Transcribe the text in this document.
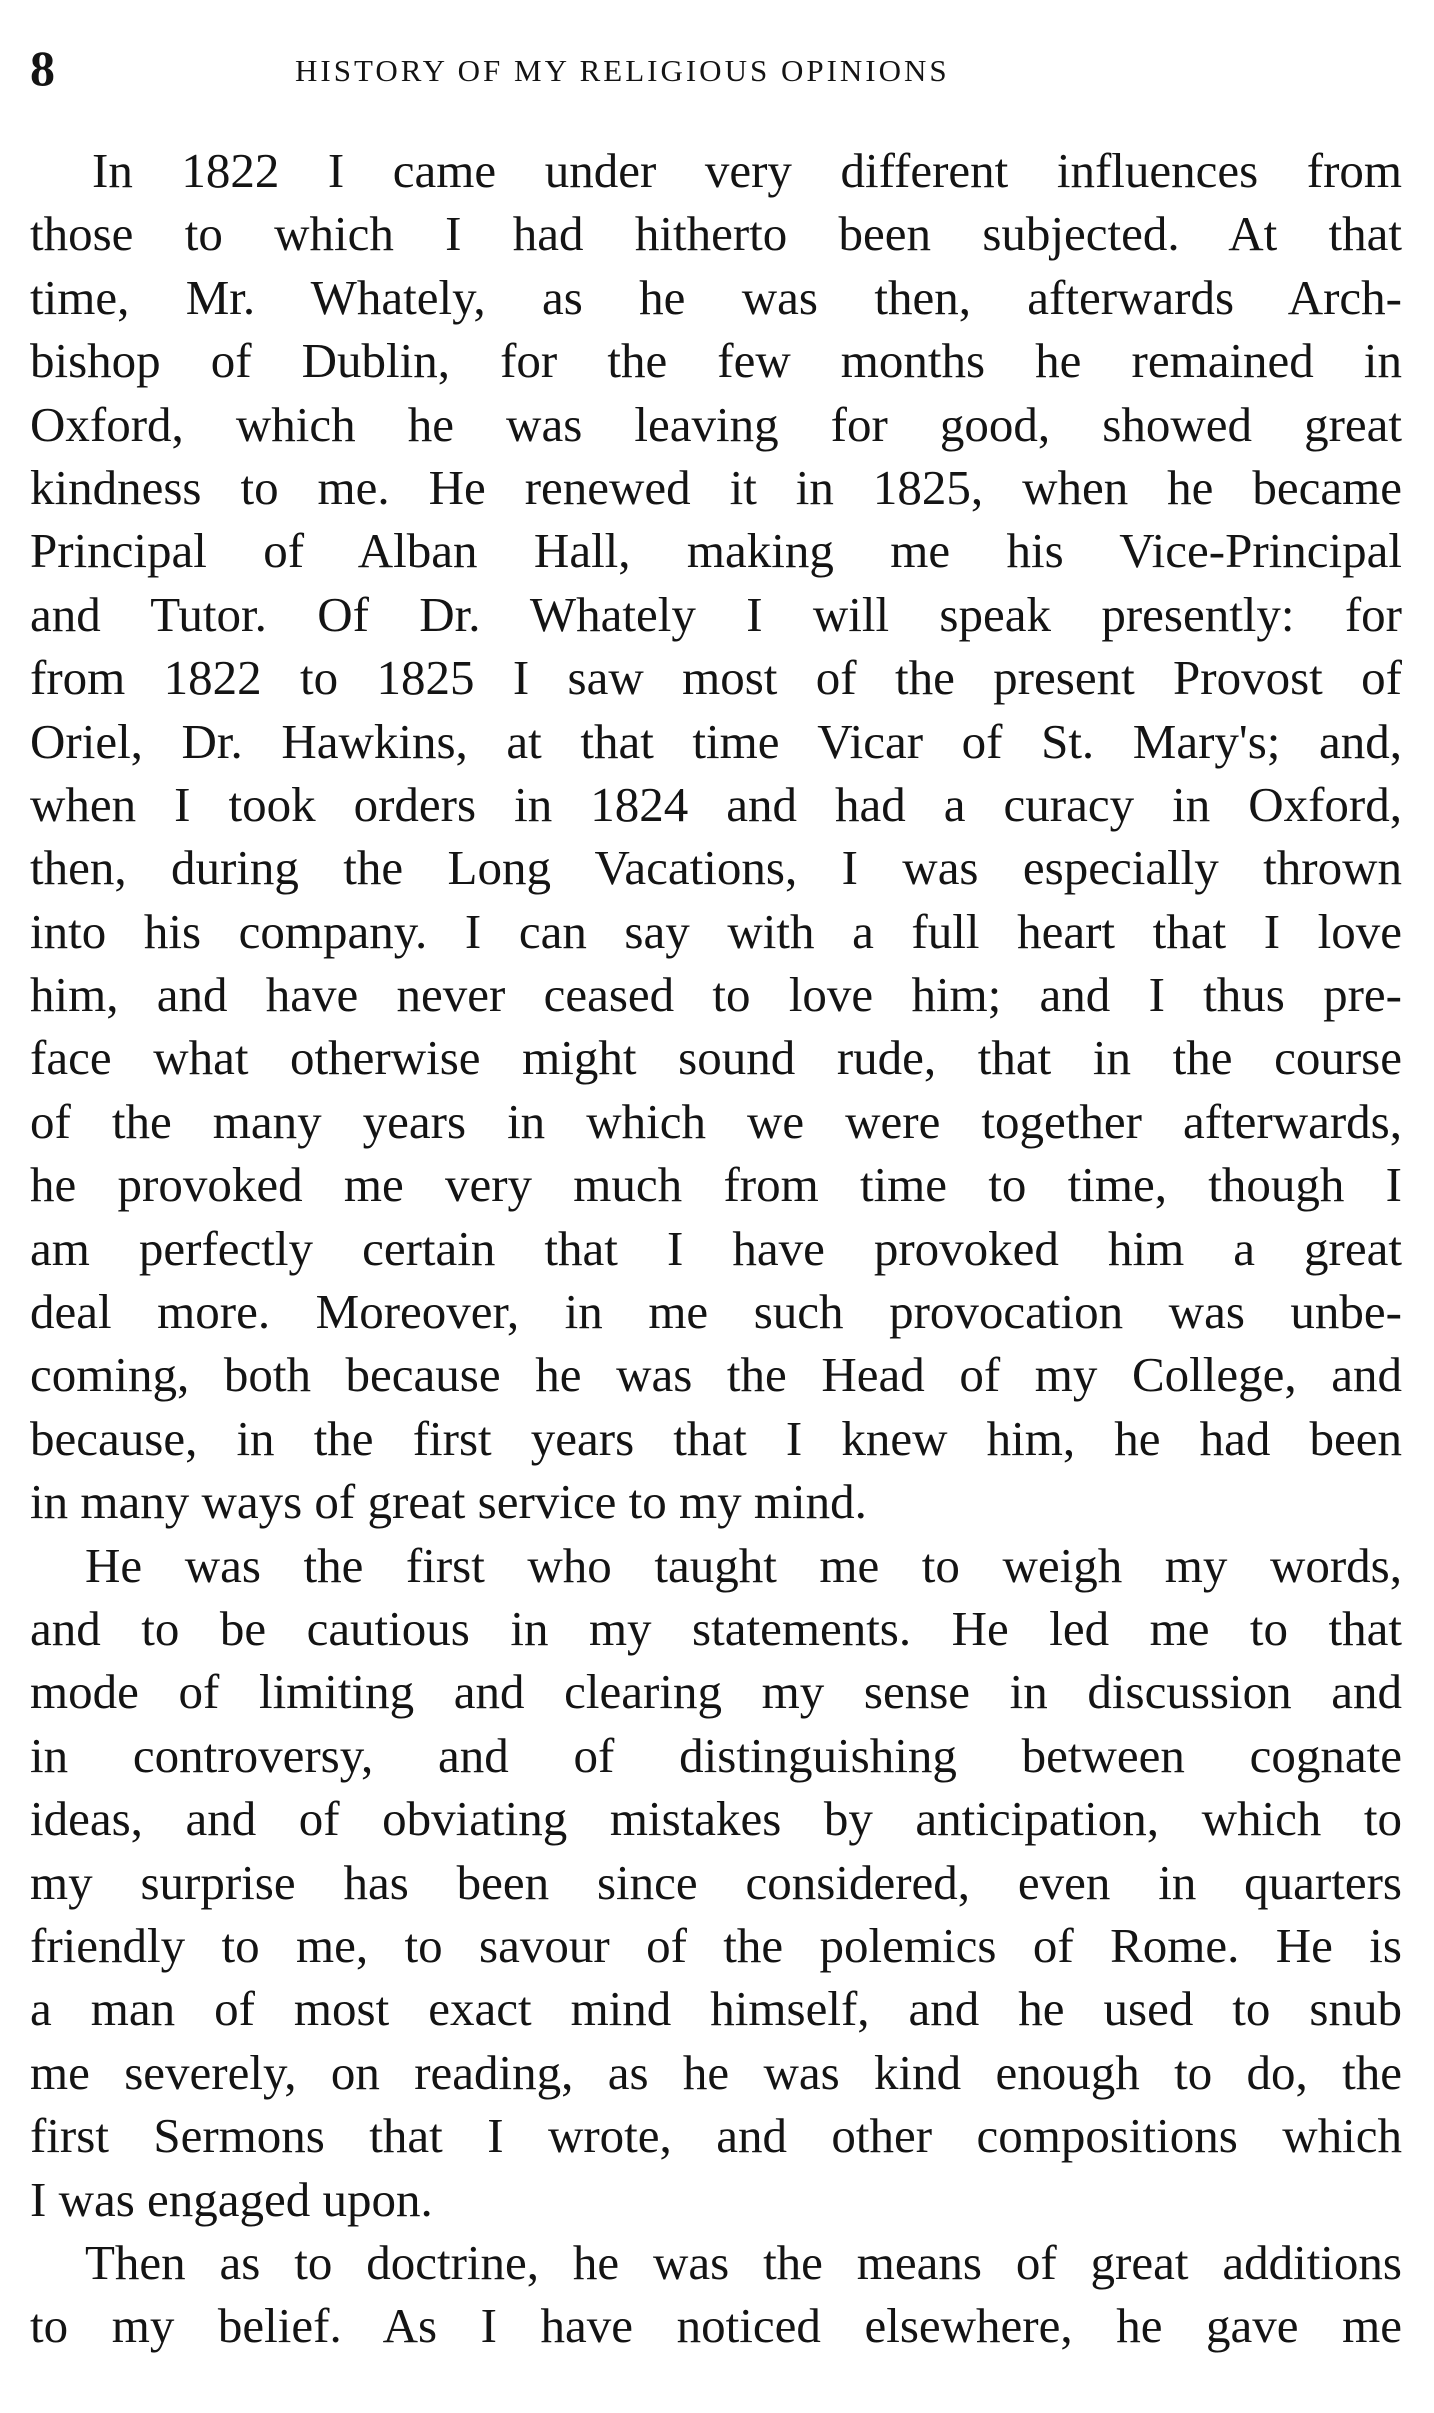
8	HISTORY OF MY RELIGIOUS OPINIONS
In 1822 I came under very different influences from
those to which I had hitherto been subjected. At that
time, Mr. Whately, as he was then, afterwards Arch-
bishop of Dublin, for the few months he remained in
Oxford, which he was leaving for good, showed great
kindness to me. He renewed it in 1825, when he became
Principal of Alban Hall, making me his Vice-Principal
and Tutor. Of Dr. Whately I will speak presently: for
from 1822 to 1825 I saw most of the present Provost of
Oriel, Dr. Hawkins, at that time Vicar of St. Mary's; and,
when I took orders in 1824 and had a curacy in Oxford,
then, during the Long Vacations, I was especially thrown
into his company. I can say with a full heart that I love
him, and have never ceased to love him; and I thus pre-
face what otherwise might sound rude, that in the course
of the many years in which we were together afterwards,
he provoked me very much from time to time, though I
am perfectly certain that I have provoked him a great
deal more. Moreover, in me such provocation was unbe-
coming, both because he was the Head of my College, and
because, in the first years that I knew him, he had been
in many ways of great service to my mind.
He was the first who taught me to weigh my words,
and to be cautious in my statements. He led me to that
mode of limiting and clearing my sense in discussion and
in controversy, and of distinguishing between cognate
ideas, and of obviating mistakes by anticipation, which to
my surprise has been since considered, even in quarters
friendly to me, to savour of the polemics of Rome. He is
a man of most exact mind himself, and he used to snub
me severely, on reading, as he was kind enough to do, the
first Sermons that I wrote, and other compositions which
I was engaged upon.
Then as to doctrine, he was the means of great additions
to my belief. As I have noticed elsewhere, he gave me
